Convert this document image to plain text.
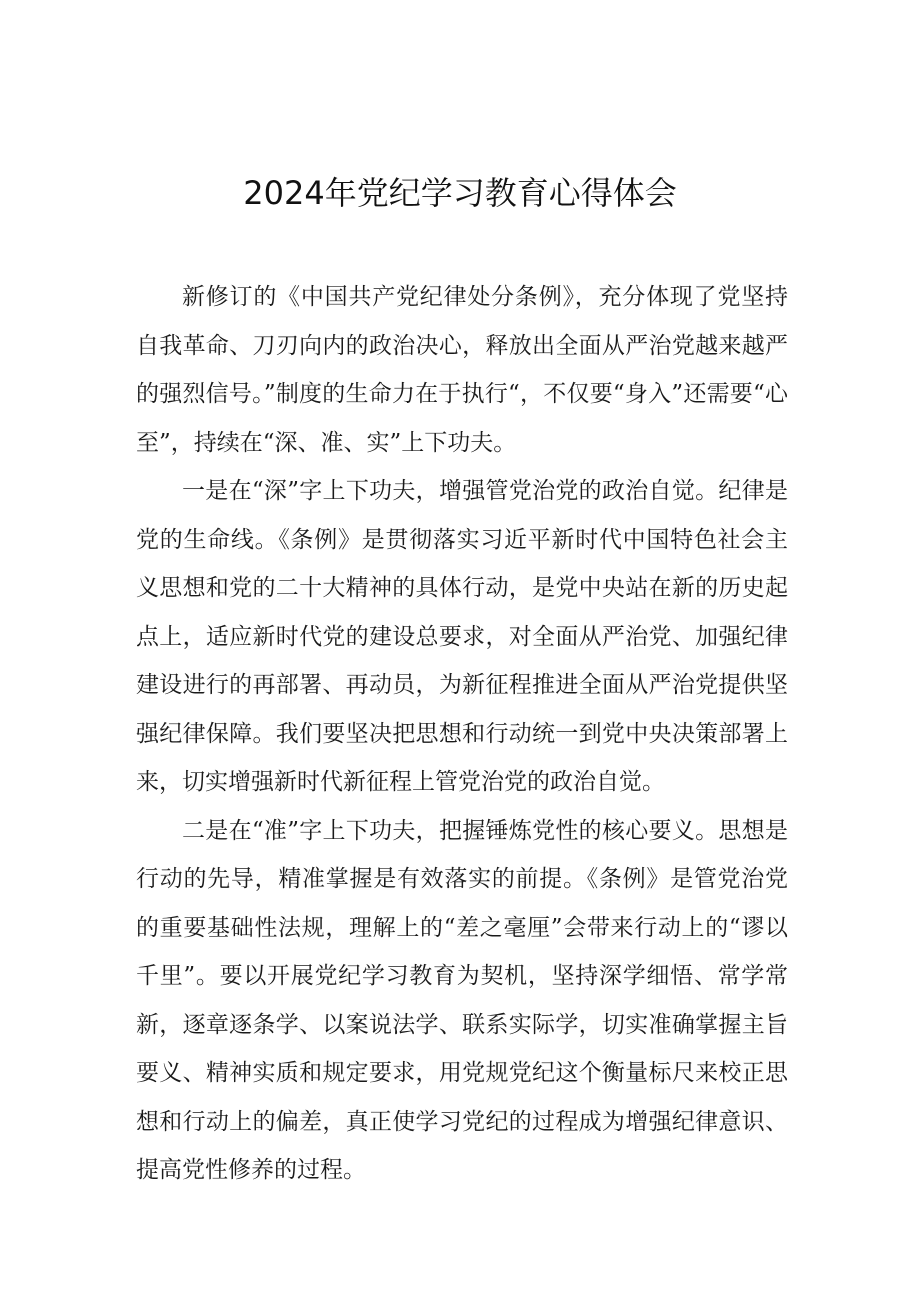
2024年党纪学习教育心得体会

新修订的《中国共产党纪律处分条例》，充分体现了党坚持自我革命、刀刃向内的政治决心，释放出全面从严治党越来越严的强烈信号。”制度的生命力在于执行“，不仅要“身入”还需要“心至”，持续在“深、准、实”上下功夫。

一是在“深”字上下功夫，增强管党治党的政治自觉。纪律是党的生命线。《条例》是贯彻落实习近平新时代中国特色社会主义思想和党的二十大精神的具体行动，是党中央站在新的历史起点上，适应新时代党的建设总要求，对全面从严治党、加强纪律建设进行的再部署、再动员，为新征程推进全面从严治党提供坚强纪律保障。我们要坚决把思想和行动统一到党中央决策部署上来，切实增强新时代新征程上管党治党的政治自觉。

二是在“准”字上下功夫，把握锤炼党性的核心要义。思想是行动的先导，精准掌握是有效落实的前提。《条例》是管党治党的重要基础性法规，理解上的“差之毫厘”会带来行动上的“谬以千里”。要以开展党纪学习教育为契机，坚持深学细悟、常学常新，逐章逐条学、以案说法学、联系实际学，切实准确掌握主旨要义、精神实质和规定要求，用党规党纪这个衡量标尺来校正思想和行动上的偏差，真正使学习党纪的过程成为增强纪律意识、提高党性修养的过程。
